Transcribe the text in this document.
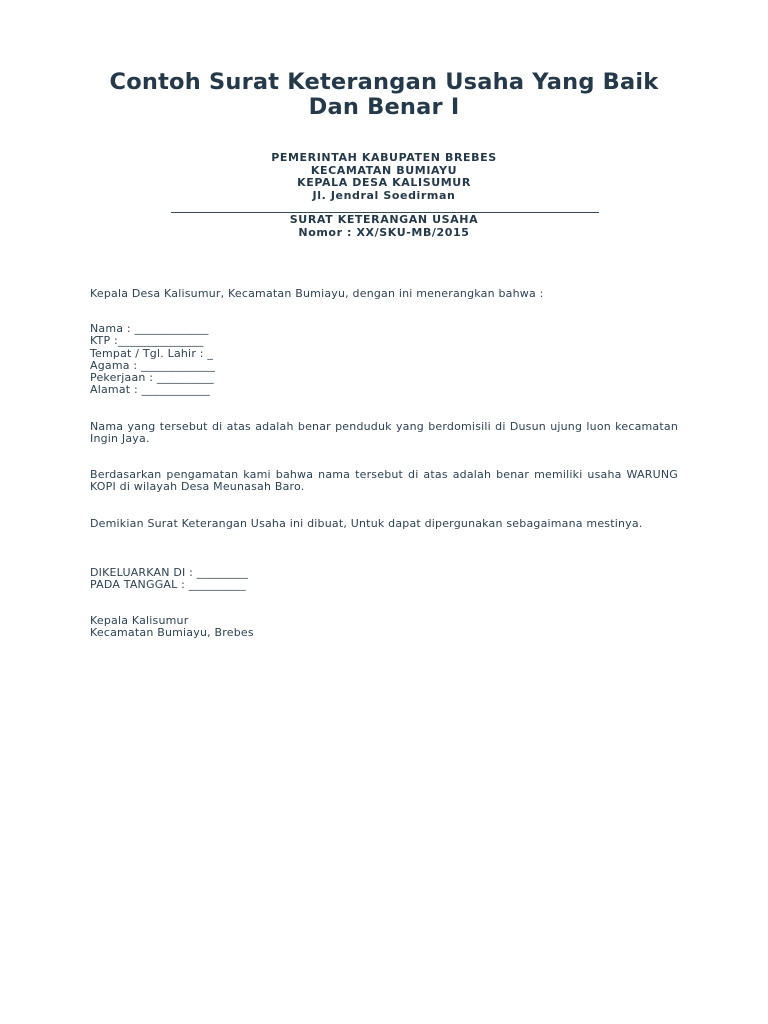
Contoh Surat Keterangan Usaha Yang Baik
Dan Benar I
PEMERINTAH KABUPATEN BREBES
KECAMATAN BUMIAYU
KEPALA DESA KALISUMUR
Jl. Jendral Soedirman
SURAT KETERANGAN USAHA
Nomor : XX/SKU-MB/2015
Kepala Desa Kalisumur, Kecamatan Bumiayu, dengan ini menerangkan bahwa :
Nama : _____________
KTP :_______________
Tempat / Tgl. Lahir : _
Agama : _____________
Pekerjaan : __________
Alamat : ____________
Nama yang tersebut di atas adalah benar penduduk yang berdomisili di Dusun ujung luon kecamatan Ingin Jaya.
Berdasarkan pengamatan kami bahwa nama tersebut di atas adalah benar memiliki usaha WARUNG KOPI di wilayah Desa Meunasah Baro.
Demikian Surat Keterangan Usaha ini dibuat, Untuk dapat dipergunakan sebagaimana mestinya.
DIKELUARKAN DI : _________
PADA TANGGAL : __________
Kepala Kalisumur
Kecamatan Bumiayu, Brebes
